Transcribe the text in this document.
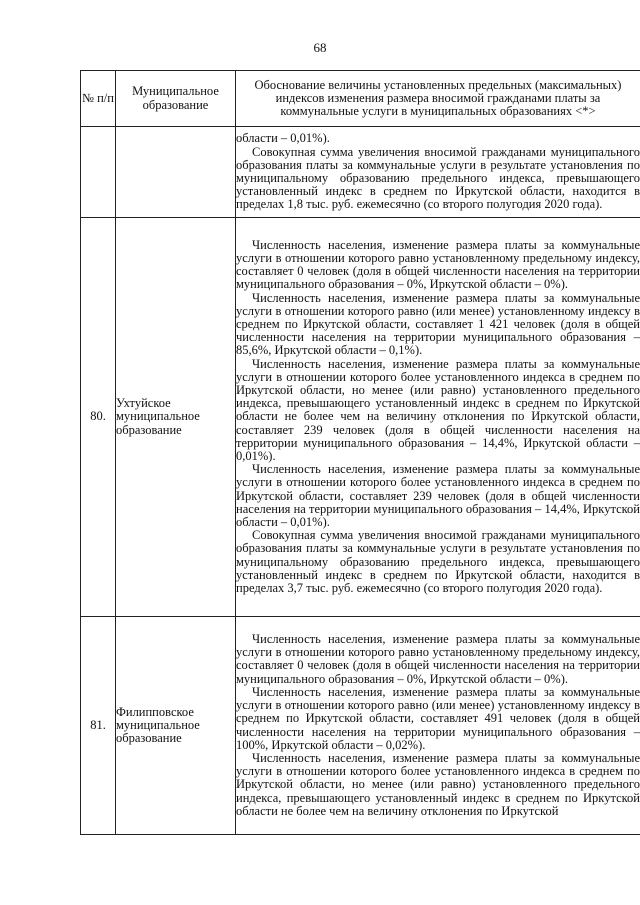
68
№ п/п	Муниципальное образование	Обоснование величины установленных предельных (максимальных) индексов изменения размера вносимой гражданами платы за коммунальные услуги в муниципальных образованиях <*>

		области – 0,01%).

Совокупная сумма увеличения вносимой гражданами муниципального образования платы за коммунальные услуги в результате установления по муниципальному образованию предельного индекса, превышающего установленный индекс в среднем по Иркутской области, находится в пределах 1,8 тыс. руб. ежемесячно (со второго полугодия 2020 года).

80.	Ухтуйское муниципальное образование	Численность населения, изменение размера платы за коммунальные услуги в отношении которого равно установленному предельному индексу, составляет 0 человек (доля в общей численности населения на территории муниципального образования – 0%, Иркутской области – 0%).

Численность населения, изменение размера платы за коммунальные услуги в отношении которого равно (или менее) установленному индексу в среднем по Иркутской области, составляет 1 421 человек (доля в общей численности населения на территории муниципального образования – 85,6%, Иркутской области – 0,1%).

Численность населения, изменение размера платы за коммунальные услуги в отношении которого более установленного индекса в среднем по Иркутской области, но менее (или равно) установленного предельного индекса, превышающего установленный индекс в среднем по Иркутской области не более чем на величину отклонения по Иркутской области, составляет 239 человек (доля в общей численности населения на территории муниципального образования – 14,4%, Иркутской области – 0,01%).

Численность населения, изменение размера платы за коммунальные услуги в отношении которого более установленного индекса в среднем по Иркутской области, составляет 239 человек (доля в общей численности населения на территории муниципального образования – 14,4%, Иркутской области – 0,01%).

Совокупная сумма увеличения вносимой гражданами муниципального образования платы за коммунальные услуги в результате установления по муниципальному образованию предельного индекса, превышающего установленный индекс в среднем по Иркутской области, находится в пределах 3,7 тыс. руб. ежемесячно (со второго полугодия 2020 года).

81.	Филипповское муниципальное образование	Численность населения, изменение размера платы за коммунальные услуги в отношении которого равно установленному предельному индексу, составляет 0 человек (доля в общей численности населения на территории муниципального образования – 0%, Иркутской области – 0%).

Численность населения, изменение размера платы за коммунальные услуги в отношении которого равно (или менее) установленному индексу в среднем по Иркутской области, составляет 491 человек (доля в общей численности населения на территории муниципального образования – 100%, Иркутской области – 0,02%).

Численность населения, изменение размера платы за коммунальные услуги в отношении которого более установленного индекса в среднем по Иркутской области, но менее (или равно) установленного предельного индекса, превышающего установленный индекс в среднем по Иркутской области не более чем на величину отклонения по Иркутской
